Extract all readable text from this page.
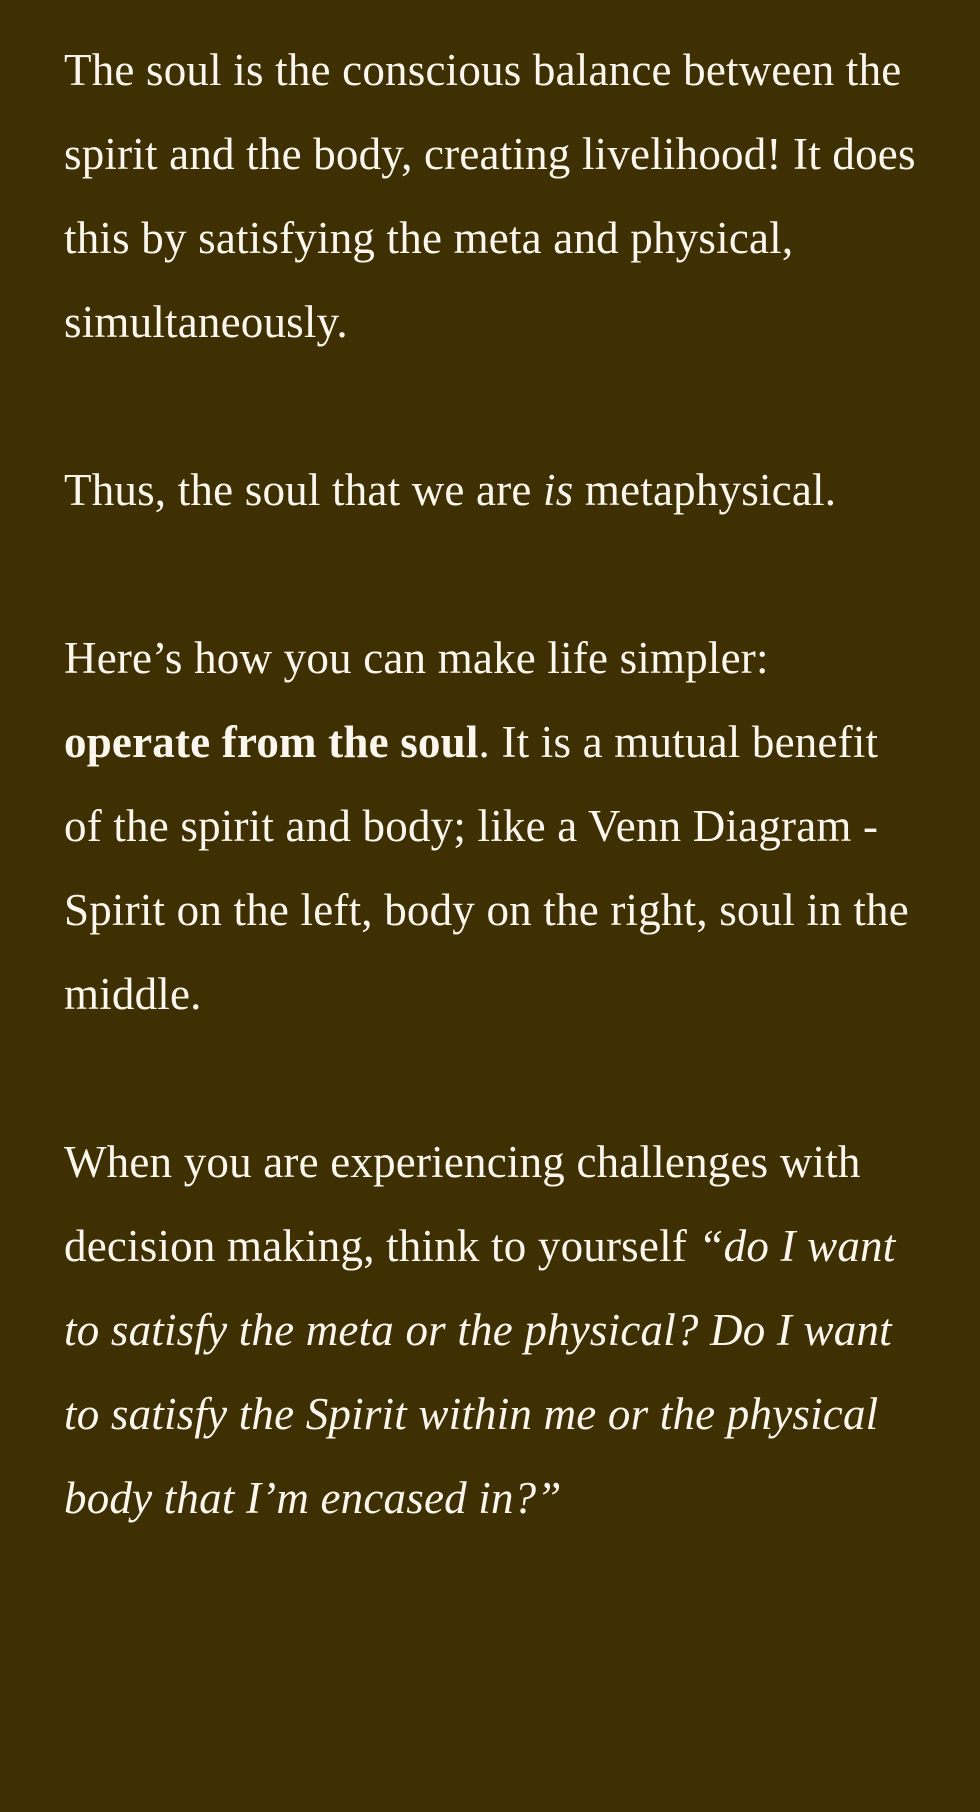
The soul is the conscious balance between the spirit and the body, creating livelihood! It does this by satisfying the meta and physical, simultaneously.

Thus, the soul that we are is metaphysical.

Here’s how you can make life simpler: operate from the soul. It is a mutual benefit of the spirit and body; like a Venn Diagram - Spirit on the left, body on the right, soul in the middle.

When you are experiencing challenges with decision making, think to yourself “do I want to satisfy the meta or the physical? Do I want to satisfy the Spirit within me or the physical body that I’m encased in?”
